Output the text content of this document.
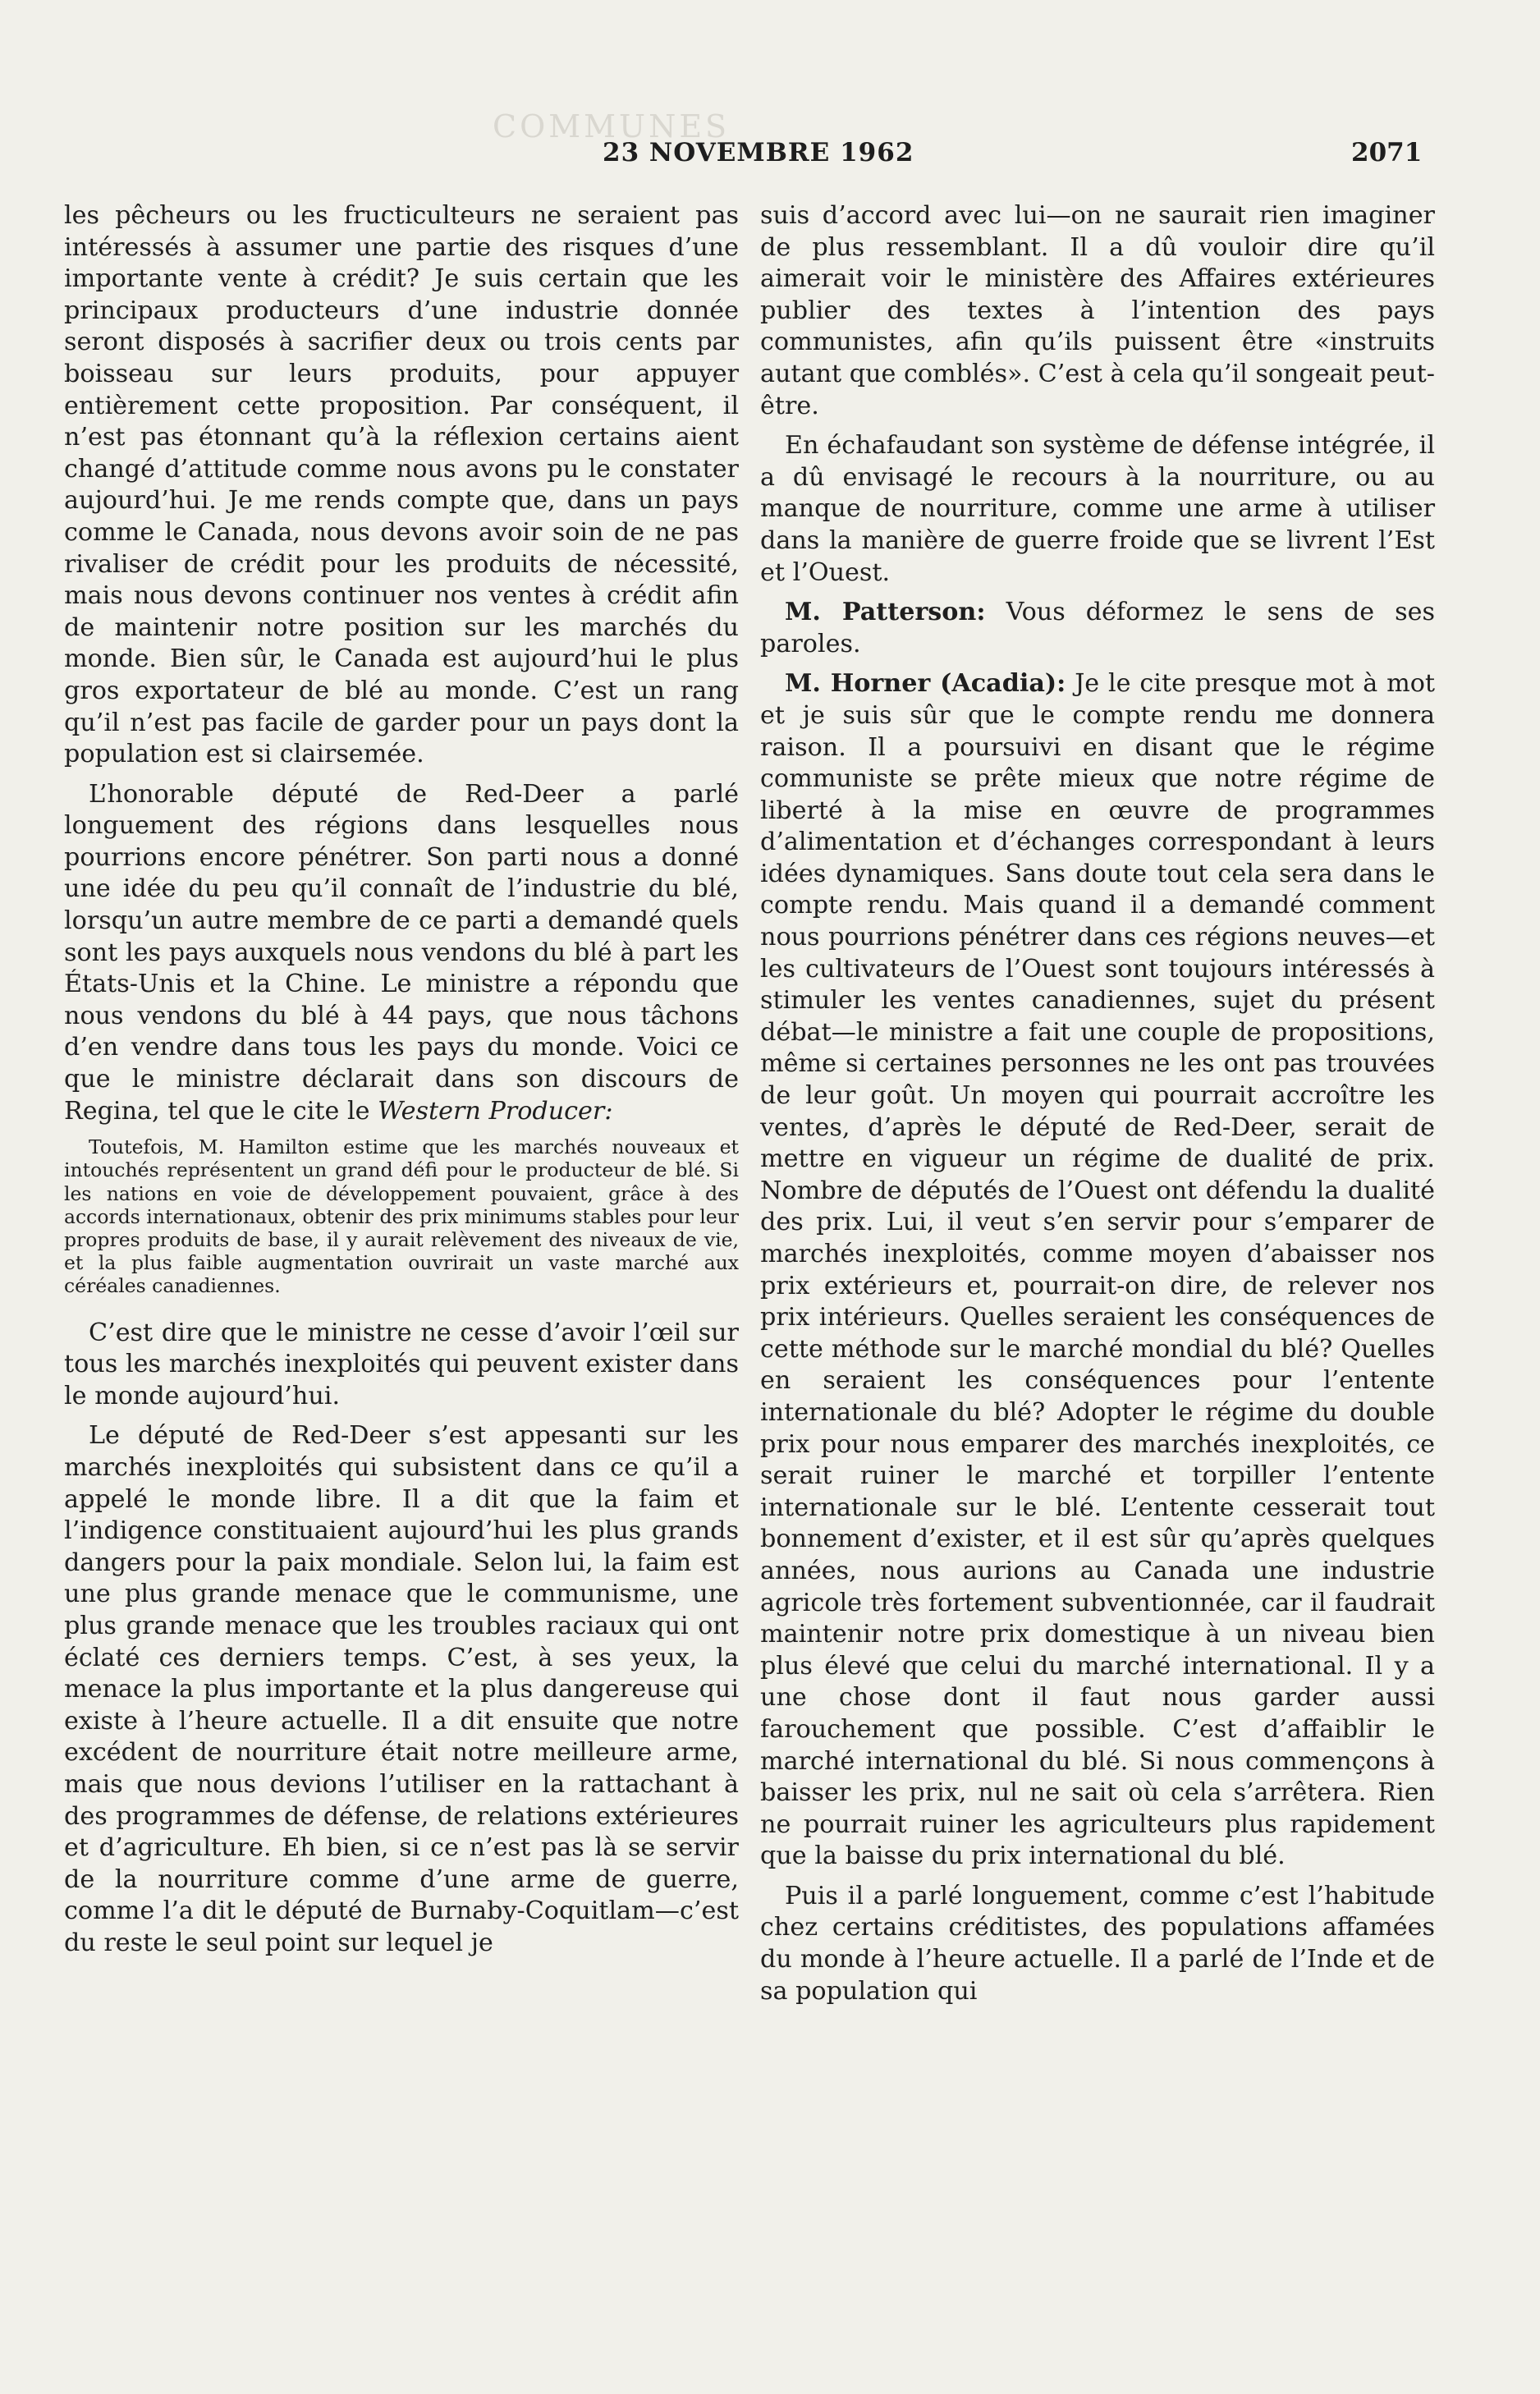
COMMUNES
23 NOVEMBRE 1962	2071

les pêcheurs ou les fructiculteurs ne seraient pas intéressés à assumer une partie des risques d’une importante vente à crédit? Je suis certain que les principaux producteurs d’une industrie donnée seront disposés à sacrifier deux ou trois cents par boisseau sur leurs produits, pour appuyer entièrement cette proposition. Par conséquent, il n’est pas étonnant qu’à la réflexion certains aient changé d’attitude comme nous avons pu le constater aujourd’hui. Je me rends compte que, dans un pays comme le Canada, nous devons avoir soin de ne pas rivaliser de crédit pour les produits de nécessité, mais nous devons continuer nos ventes à crédit afin de maintenir notre position sur les marchés du monde. Bien sûr, le Canada est aujourd’hui le plus gros exportateur de blé au monde. C’est un rang qu’il n’est pas facile de garder pour un pays dont la population est si clairsemée.

L’honorable député de Red-Deer a parlé longuement des régions dans lesquelles nous pourrions encore pénétrer. Son parti nous a donné une idée du peu qu’il connaît de l’industrie du blé, lorsqu’un autre membre de ce parti a demandé quels sont les pays auxquels nous vendons du blé à part les États-Unis et la Chine. Le ministre a répondu que nous vendons du blé à 44 pays, que nous tâchons d’en vendre dans tous les pays du monde. Voici ce que le ministre déclarait dans son discours de Regina, tel que le cite le Western Producer:

Toutefois, M. Hamilton estime que les marchés nouveaux et intouchés représentent un grand défi pour le producteur de blé. Si les nations en voie de développement pouvaient, grâce à des accords internationaux, obtenir des prix minimums stables pour leur propres produits de base, il y aurait relèvement des niveaux de vie, et la plus faible augmentation ouvrirait un vaste marché aux céréales canadiennes.

C’est dire que le ministre ne cesse d’avoir l’œil sur tous les marchés inexploités qui peuvent exister dans le monde aujourd’hui.

Le député de Red-Deer s’est appesanti sur les marchés inexploités qui subsistent dans ce qu’il a appelé le monde libre. Il a dit que la faim et l’indigence constituaient aujourd’hui les plus grands dangers pour la paix mondiale. Selon lui, la faim est une plus grande menace que le communisme, une plus grande menace que les troubles raciaux qui ont éclaté ces derniers temps. C’est, à ses yeux, la menace la plus importante et la plus dangereuse qui existe à l’heure actuelle. Il a dit ensuite que notre excédent de nourriture était notre meilleure arme, mais que nous devions l’utiliser en la rattachant à des programmes de défense, de relations extérieures et d’agriculture. Eh bien, si ce n’est pas là se servir de la nourriture comme d’une arme de guerre, comme l’a dit le député de Burnaby-Coquitlam—c’est du reste le seul point sur lequel je

suis d’accord avec lui—on ne saurait rien imaginer de plus ressemblant. Il a dû vouloir dire qu’il aimerait voir le ministère des Affaires extérieures publier des textes à l’intention des pays communistes, afin qu’ils puissent être «instruits autant que comblés». C’est à cela qu’il songeait peut-être.

En échafaudant son système de défense intégrée, il a dû envisagé le recours à la nourriture, ou au manque de nourriture, comme une arme à utiliser dans la manière de guerre froide que se livrent l’Est et l’Ouest.

M. Patterson: Vous déformez le sens de ses paroles.

M. Horner (Acadia): Je le cite presque mot à mot et je suis sûr que le compte rendu me donnera raison. Il a poursuivi en disant que le régime communiste se prête mieux que notre régime de liberté à la mise en œuvre de programmes d’alimentation et d’échanges correspondant à leurs idées dynamiques. Sans doute tout cela sera dans le compte rendu. Mais quand il a demandé comment nous pourrions pénétrer dans ces régions neuves—et les cultivateurs de l’Ouest sont toujours intéressés à stimuler les ventes canadiennes, sujet du présent débat—le ministre a fait une couple de propositions, même si certaines personnes ne les ont pas trouvées de leur goût. Un moyen qui pourrait accroître les ventes, d’après le député de Red-Deer, serait de mettre en vigueur un régime de dualité de prix. Nombre de députés de l’Ouest ont défendu la dualité des prix. Lui, il veut s’en servir pour s’emparer de marchés inexploités, comme moyen d’abaisser nos prix extérieurs et, pourrait-on dire, de relever nos prix intérieurs. Quelles seraient les conséquences de cette méthode sur le marché mondial du blé? Quelles en seraient les conséquences pour l’entente internationale du blé? Adopter le régime du double prix pour nous emparer des marchés inexploités, ce serait ruiner le marché et torpiller l’entente internationale sur le blé. L’entente cesserait tout bonnement d’exister, et il est sûr qu’après quelques années, nous aurions au Canada une industrie agricole très fortement subventionnée, car il faudrait maintenir notre prix domestique à un niveau bien plus élevé que celui du marché international. Il y a une chose dont il faut nous garder aussi farouchement que possible. C’est d’affaiblir le marché international du blé. Si nous commençons à baisser les prix, nul ne sait où cela s’arrêtera. Rien ne pourrait ruiner les agriculteurs plus rapidement que la baisse du prix international du blé.

Puis il a parlé longuement, comme c’est l’habitude chez certains créditistes, des populations affamées du monde à l’heure actuelle. Il a parlé de l’Inde et de sa population qui
